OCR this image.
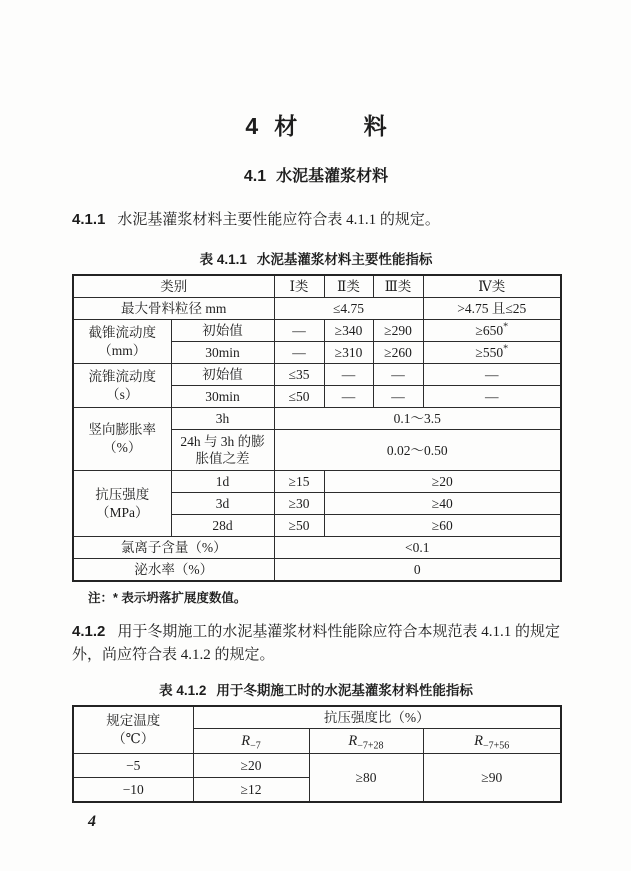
4 材 料
4.1 水泥基灌浆材料

4.1.1 水泥基灌浆材料主要性能应符合表 4.1.1 的规定。

表 4.1.1 水泥基灌浆材料主要性能指标
类别		Ⅰ类	Ⅱ类	Ⅲ类	Ⅳ类
最大骨料粒径 mm		≤4.75			>4.75 且≤25

截锥流动度
（mm）	初始值	—	≥340	≥290	≥650*
	30min	—	≥310	≥260	≥550*

流锥流动度
（s）	初始值	≤35	—	—	—
	30min	≤50	—	—	—

竖向膨胀率
（%）	3h	0.1～3.5			
	24h 与 3h 的膨胀值之差	0.02～0.50			

抗压强度
（MPa）	1d	≥15	≥20		
	3d	≥30	≥40		
	28d	≥50	≥60		
氯离子含量（%）		<0.1			
泌水率（%）		0			
注：* 表示坍落扩展度数值。

4.1.2 用于冬期施工的水泥基灌浆材料性能除应符合本规范表 4.1.1 的规定外，尚应符合表 4.1.2 的规定。

表 4.1.2 用于冬期施工时的水泥基灌浆材料性能指标
规定温度
（℃）	抗压强度比（%）		
	$R_{-7}$	$R_{-7+28}$	$R_{-7+56}$
−5	≥20	≥80	≥90
−10	≥12		
4
